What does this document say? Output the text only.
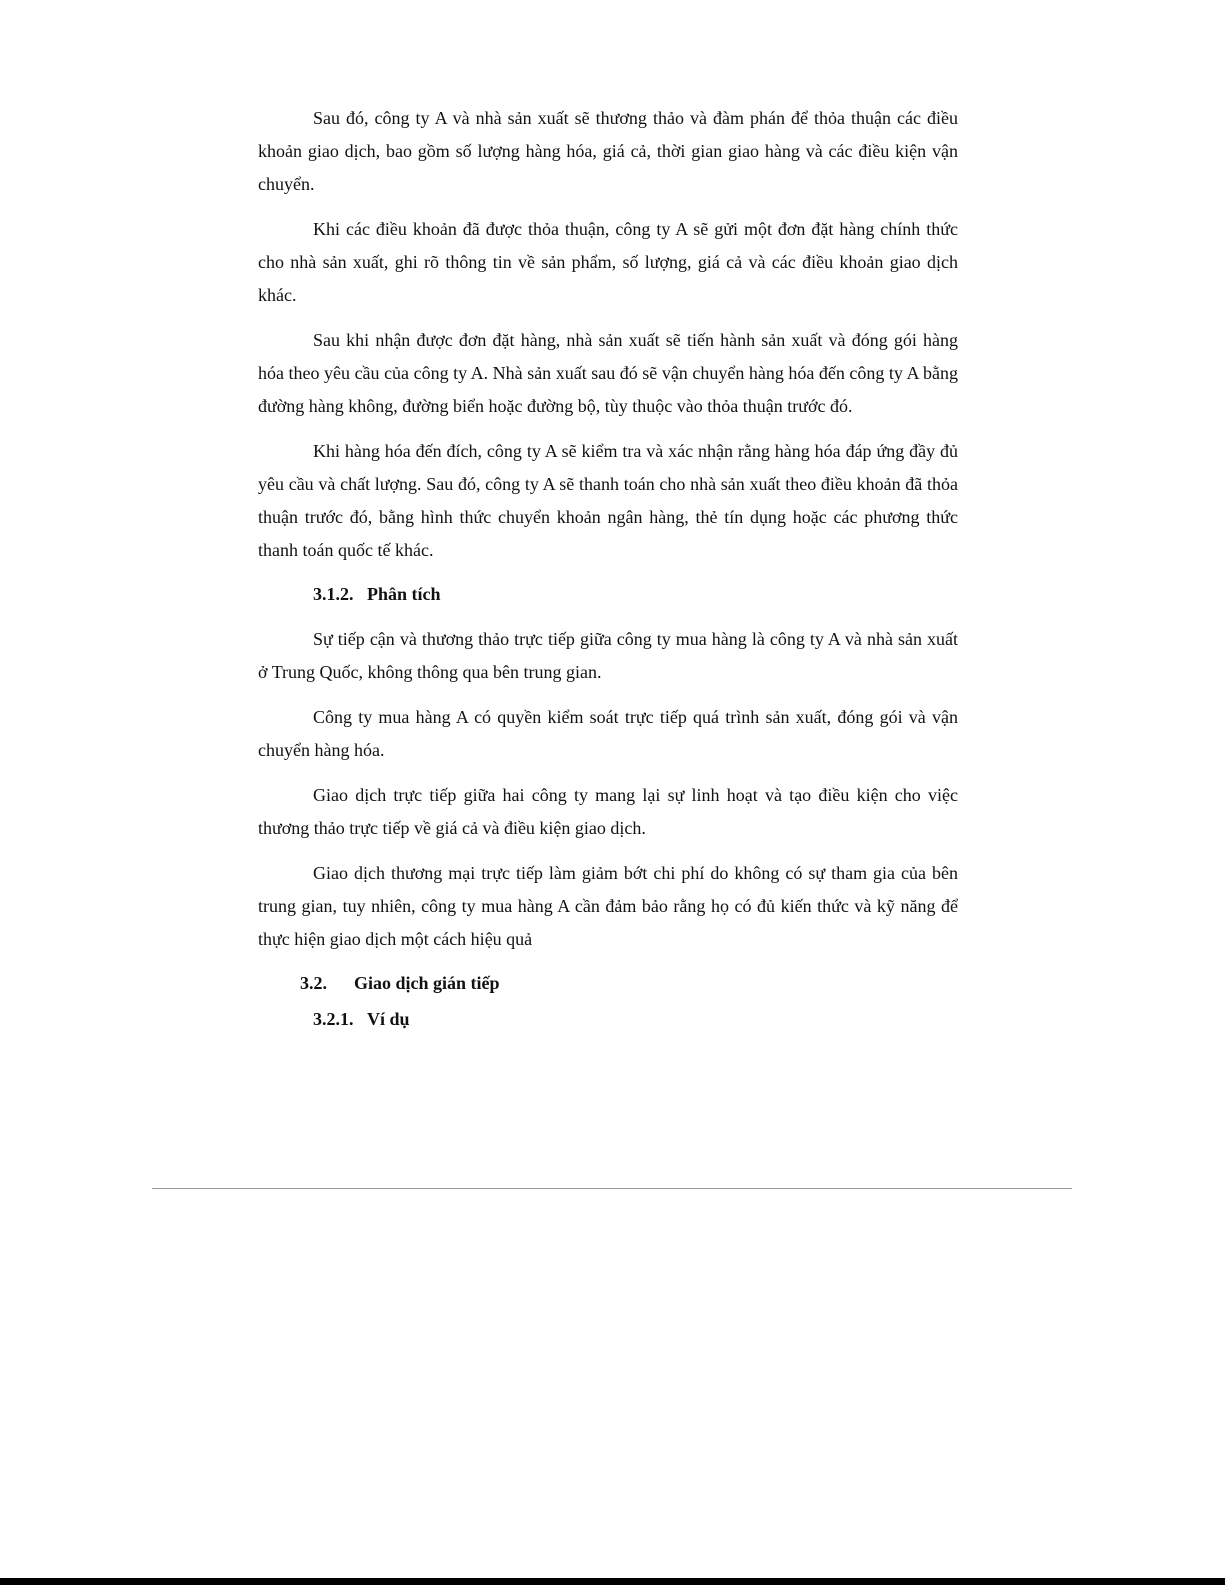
Sau đó, công ty A và nhà sản xuất sẽ thương thảo và đàm phán để thỏa thuận các điều khoản giao dịch, bao gồm số lượng hàng hóa, giá cả, thời gian giao hàng và các điều kiện vận chuyển.

Khi các điều khoản đã được thỏa thuận, công ty A sẽ gửi một đơn đặt hàng chính thức cho nhà sản xuất, ghi rõ thông tin về sản phẩm, số lượng, giá cả và các điều khoản giao dịch khác.

Sau khi nhận được đơn đặt hàng, nhà sản xuất sẽ tiến hành sản xuất và đóng gói hàng hóa theo yêu cầu của công ty A. Nhà sản xuất sau đó sẽ vận chuyển hàng hóa đến công ty A bằng đường hàng không, đường biển hoặc đường bộ, tùy thuộc vào thỏa thuận trước đó.

Khi hàng hóa đến đích, công ty A sẽ kiểm tra và xác nhận rằng hàng hóa đáp ứng đầy đủ yêu cầu và chất lượng. Sau đó, công ty A sẽ thanh toán cho nhà sản xuất theo điều khoản đã thỏa thuận trước đó, bằng hình thức chuyển khoản ngân hàng, thẻ tín dụng hoặc các phương thức thanh toán quốc tế khác.

3.1.2. Phân tích

Sự tiếp cận và thương thảo trực tiếp giữa công ty mua hàng là công ty A và nhà sản xuất ở Trung Quốc, không thông qua bên trung gian.

Công ty mua hàng A có quyền kiểm soát trực tiếp quá trình sản xuất, đóng gói và vận chuyển hàng hóa.

Giao dịch trực tiếp giữa hai công ty mang lại sự linh hoạt và tạo điều kiện cho việc thương thảo trực tiếp về giá cả và điều kiện giao dịch.

Giao dịch thương mại trực tiếp làm giảm bớt chi phí do không có sự tham gia của bên trung gian, tuy nhiên, công ty mua hàng A cần đảm bảo rằng họ có đủ kiến thức và kỹ năng để thực hiện giao dịch một cách hiệu quả

3.2. Giao dịch gián tiếp
3.2.1. Ví dụ
